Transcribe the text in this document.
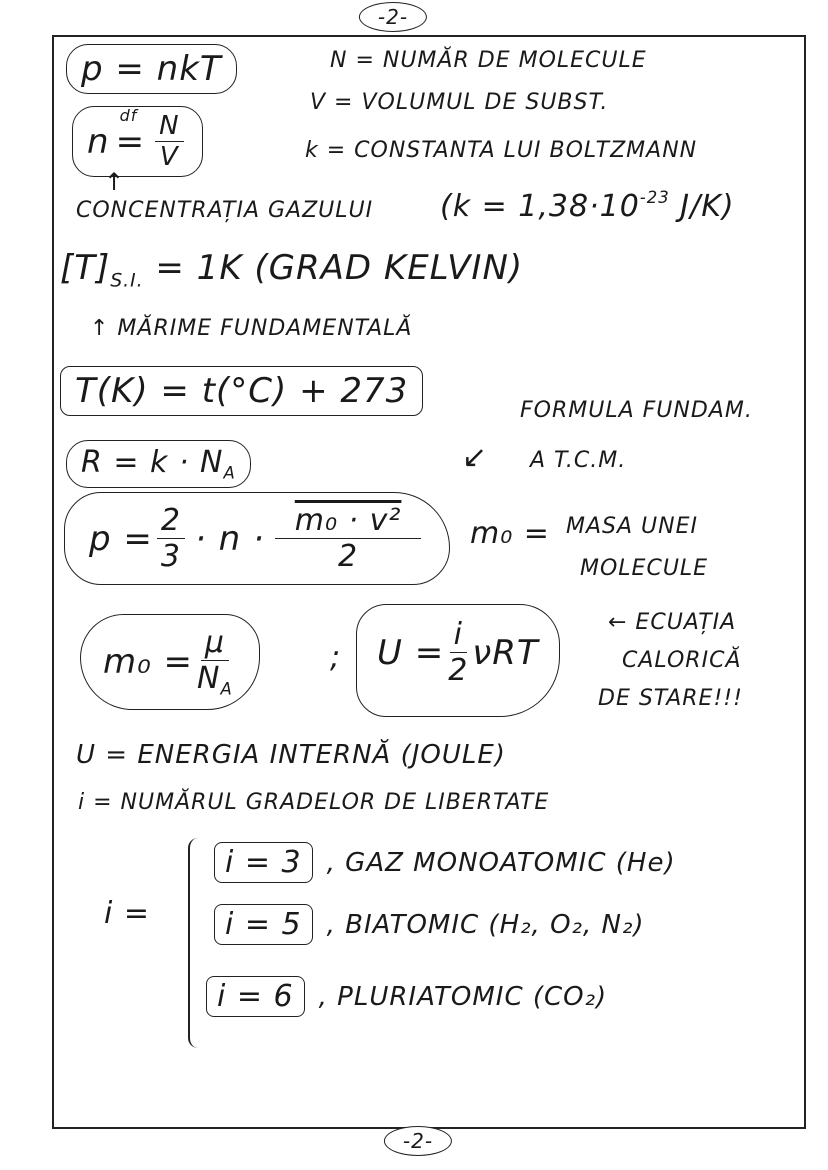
-2-
-2-
p = nkT	N = NUMĂR DE MOLECULE
V = VOLUMUL DE SUBST.
k = CONSTANTA LUI BOLTZMANN
n =
df $\frac{N}{V}$
↑
CONCENTRAȚIA GAZULUI ($k = 1,38\cdot 10^{-23}$ J/K)
$[T]_{S.I.} = 1K$ (GRAD KELVIN)
↑ MĂRIME FUNDAMENTALĂ
T(K) = t(°C) + 273	FORMULA FUNDAM.
A T.C.M.
↙
$R = k \cdot N_A$
$p = \frac{2}{3} \cdot n \cdot \frac{\text{m₀ · v²}}{2} m_0$ = MASA UNEI
MOLECULE
$m_0 = \frac{\mu}{N_A}$	; $U = \frac{i}{2}$ νRT
← ECUAȚIA
CALORICĂ
DE STARE!!!
U = ENERGIA INTERNĂ (JOULE)
i = NUMĂRUL GRADELOR DE LIBERTATE
i =
i = 3 , GAZ MONOATOMIC (He)
i = 5 , BIATOMIC (H₂, O₂, N₂)
i = 6 , PLURIATOMIC (CO₂)
